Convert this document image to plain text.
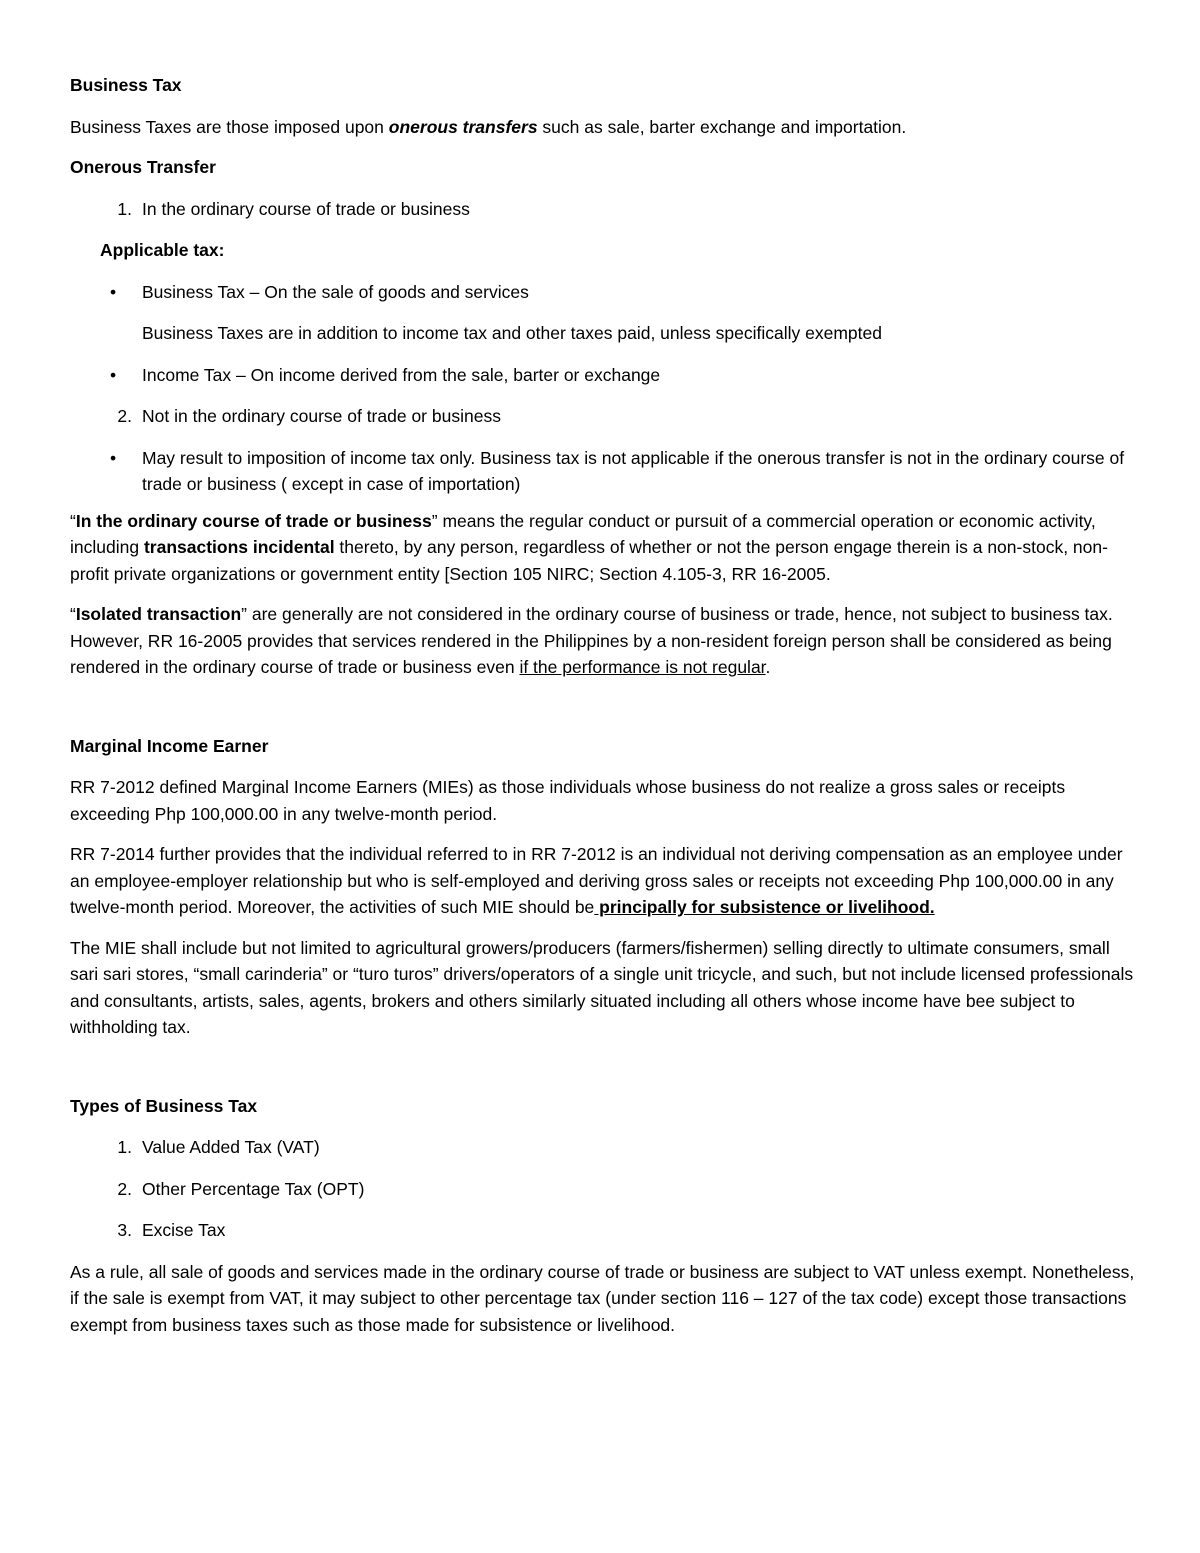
Business Tax

Business Taxes are those imposed upon onerous transfers such as sale, barter exchange and importation.

Onerous Transfer

1. In the ordinary course of trade or business

Applicable tax:

•	Business Tax – On the sale of goods and services

Business Taxes are in addition to income tax and other taxes paid, unless specifically exempted

•	Income Tax – On income derived from the sale, barter or exchange
2. Not in the ordinary course of trade or business
•	May result to imposition of income tax only. Business tax is not applicable if the onerous transfer is not in the ordinary course of trade or business ( except in case of importation)

“In the ordinary course of trade or business” means the regular conduct or pursuit of a commercial operation or economic activity, including transactions incidental thereto, by any person, regardless of whether or not the person engage therein is a non-stock, non-profit private organizations or government entity [Section 105 NIRC; Section 4.105-3, RR 16-2005.

“Isolated transaction” are generally are not considered in the ordinary course of business or trade, hence, not subject to business tax. However, RR 16-2005 provides that services rendered in the Philippines by a non-resident foreign person shall be considered as being rendered in the ordinary course of trade or business even if the performance is not regular.

Marginal Income Earner

RR 7-2012 defined Marginal Income Earners (MIEs) as those individuals whose business do not realize a gross sales or receipts exceeding Php 100,000.00 in any twelve-month period.

RR 7-2014 further provides that the individual referred to in RR 7-2012 is an individual not deriving compensation as an employee under an employee-employer relationship but who is self-employed and deriving gross sales or receipts not exceeding Php 100,000.00 in any twelve-month period. Moreover, the activities of such MIE should be principally for subsistence or livelihood.

The MIE shall include but not limited to agricultural growers/producers (farmers/fishermen) selling directly to ultimate consumers, small sari sari stores, “small carinderia” or “turo turos” drivers/operators of a single unit tricycle, and such, but not include licensed professionals and consultants, artists, sales, agents, brokers and others similarly situated including all others whose income have bee subject to withholding tax.

Types of Business Tax

1. Value Added Tax (VAT)
2. Other Percentage Tax (OPT)
3. Excise Tax

As a rule, all sale of goods and services made in the ordinary course of trade or business are subject to VAT unless exempt. Nonetheless, if the sale is exempt from VAT, it may subject to other percentage tax (under section 116 – 127 of the tax code) except those transactions exempt from business taxes such as those made for subsistence or livelihood.
